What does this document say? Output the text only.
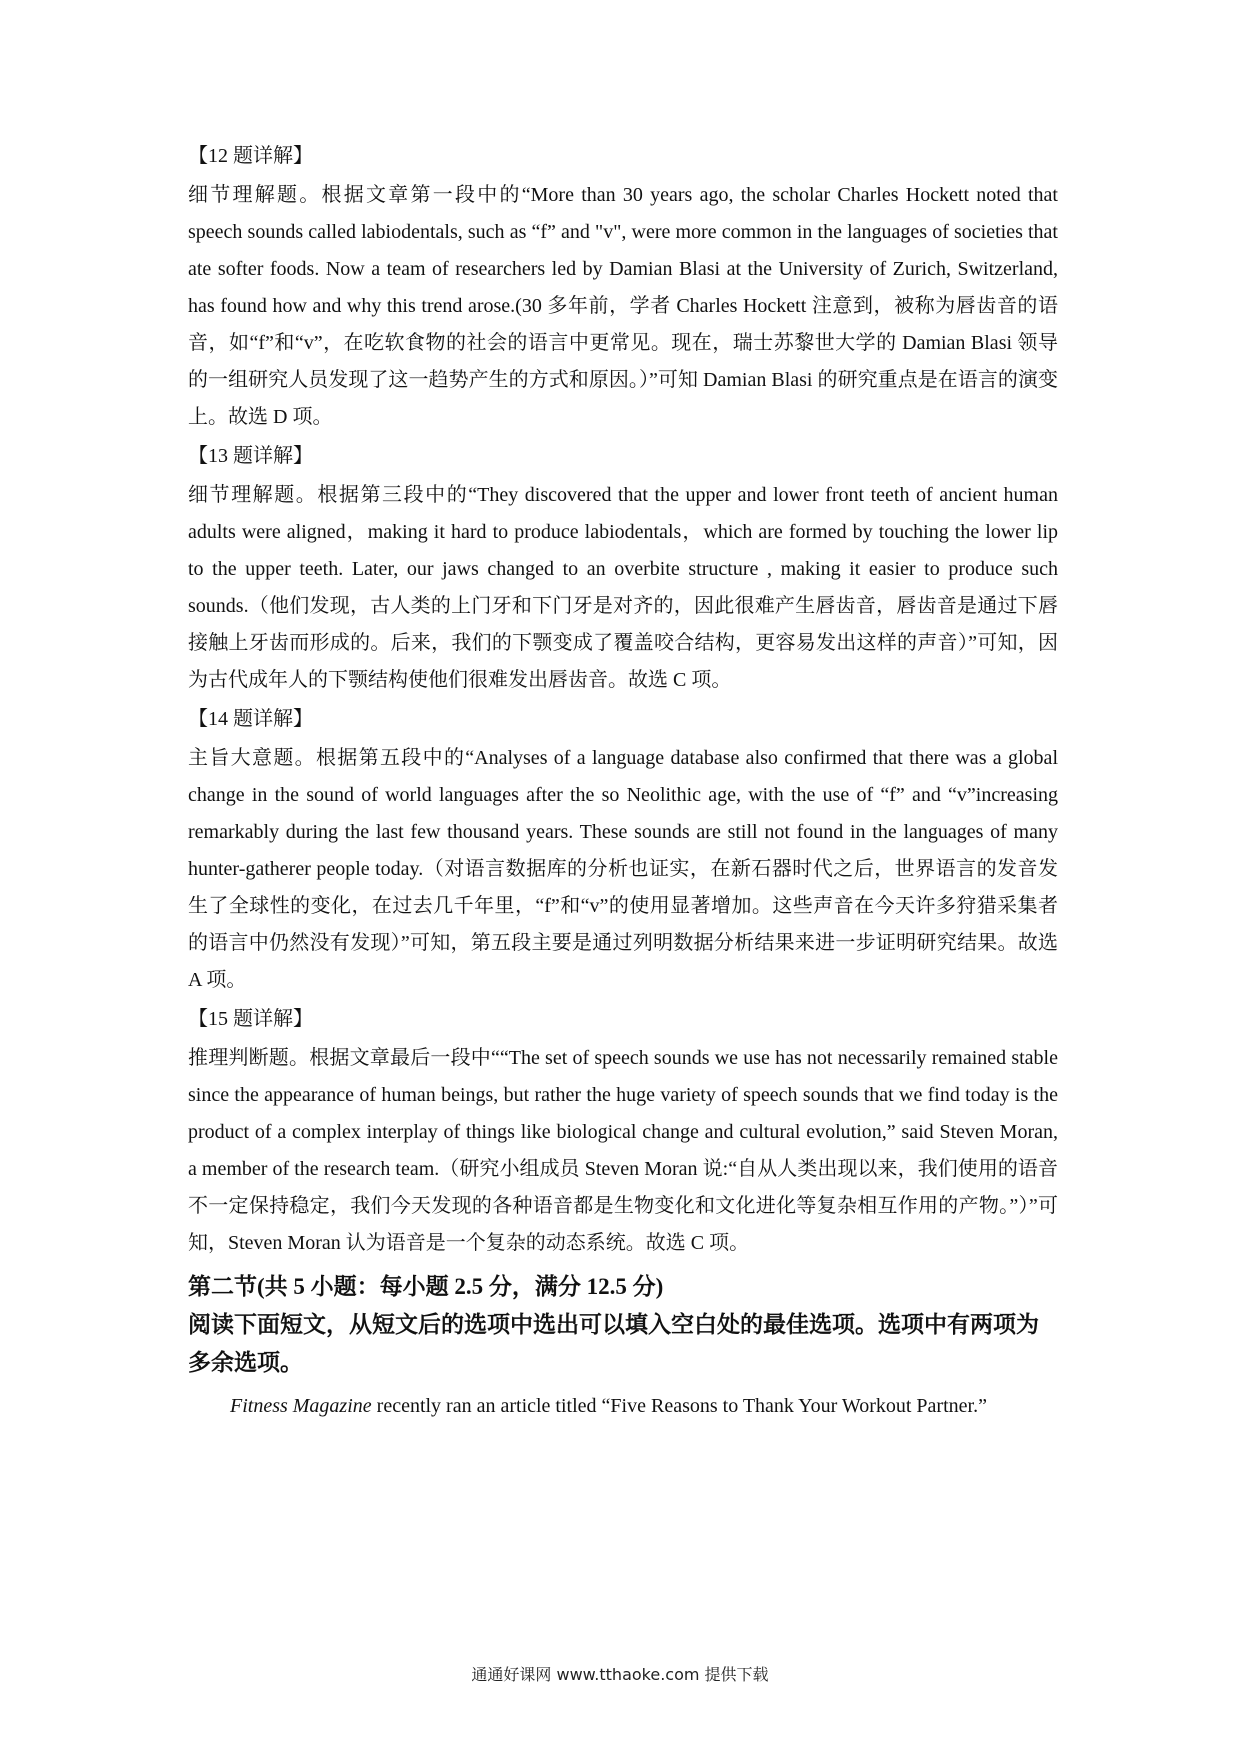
【12 题详解】
细节理解题。根据文章第一段中的“More than 30 years ago, the scholar Charles Hockett noted that speech sounds called labiodentals, such as “f” and "v", were more common in the languages of societies that ate softer foods. Now a team of researchers led by Damian Blasi at the University of Zurich, Switzerland, has found how and why this trend arose.(30 多年前，学者 Charles Hockett 注意到，被称为唇齿音的语音，如“f”和“v”，在吃软食物的社会的语言中更常见。现在，瑞士苏黎世大学的 Damian Blasi 领导的一组研究人员发现了这一趋势产生的方式和原因。）”可知 Damian Blasi 的研究重点是在语言的演变上。故选 D 项。
【13 题详解】
细节理解题。根据第三段中的“They discovered that the upper and lower front teeth of ancient human adults were aligned，making it hard to produce labiodentals，which are formed by touching the lower lip to the upper teeth. Later, our jaws changed to an overbite structure , making it easier to produce such sounds.（他们发现，古人类的上门牙和下门牙是对齐的，因此很难产生唇齿音，唇齿音是通过下唇接触上牙齿而形成的。后来，我们的下颚变成了覆盖咬合结构，更容易发出这样的声音）”可知，因为古代成年人的下颚结构使他们很难发出唇齿音。故选 C 项。
【14 题详解】
主旨大意题。根据第五段中的“Analyses of a language database also confirmed that there was a global change in the sound of world languages after the so Neolithic age, with the use of “f” and “v”increasing remarkably during the last few thousand years. These sounds are still not found in the languages of many hunter-gatherer people today.（对语言数据库的分析也证实，在新石器时代之后，世界语言的发音发生了全球性的变化，在过去几千年里，“f”和“v”的使用显著增加。这些声音在今天许多狩猎采集者的语言中仍然没有发现）”可知，第五段主要是通过列明数据分析结果来进一步证明研究结果。故选 A 项。
【15 题详解】
推理判断题。根据文章最后一段中““The set of speech sounds we use has not necessarily remained stable since the appearance of human beings, but rather the huge variety of speech sounds that we find today is the product of a complex interplay of things like biological change and cultural evolution,” said Steven Moran, a member of the research team.（研究小组成员 Steven Moran 说:“自从人类出现以来，我们使用的语音不一定保持稳定，我们今天发现的各种语音都是生物变化和文化进化等复杂相互作用的产物。”）”可知，Steven Moran 认为语音是一个复杂的动态系统。故选 C 项。
第二节(共 5 小题：每小题 2.5 分，满分 12.5 分)
阅读下面短文，从短文后的选项中选出可以填入空白处的最佳选项。选项中有两项为多余选项。
Fitness Magazine recently ran an article titled “Five Reasons to Thank Your Workout Partner.”
通通好课网 www.tthaoke.com 提供下载
